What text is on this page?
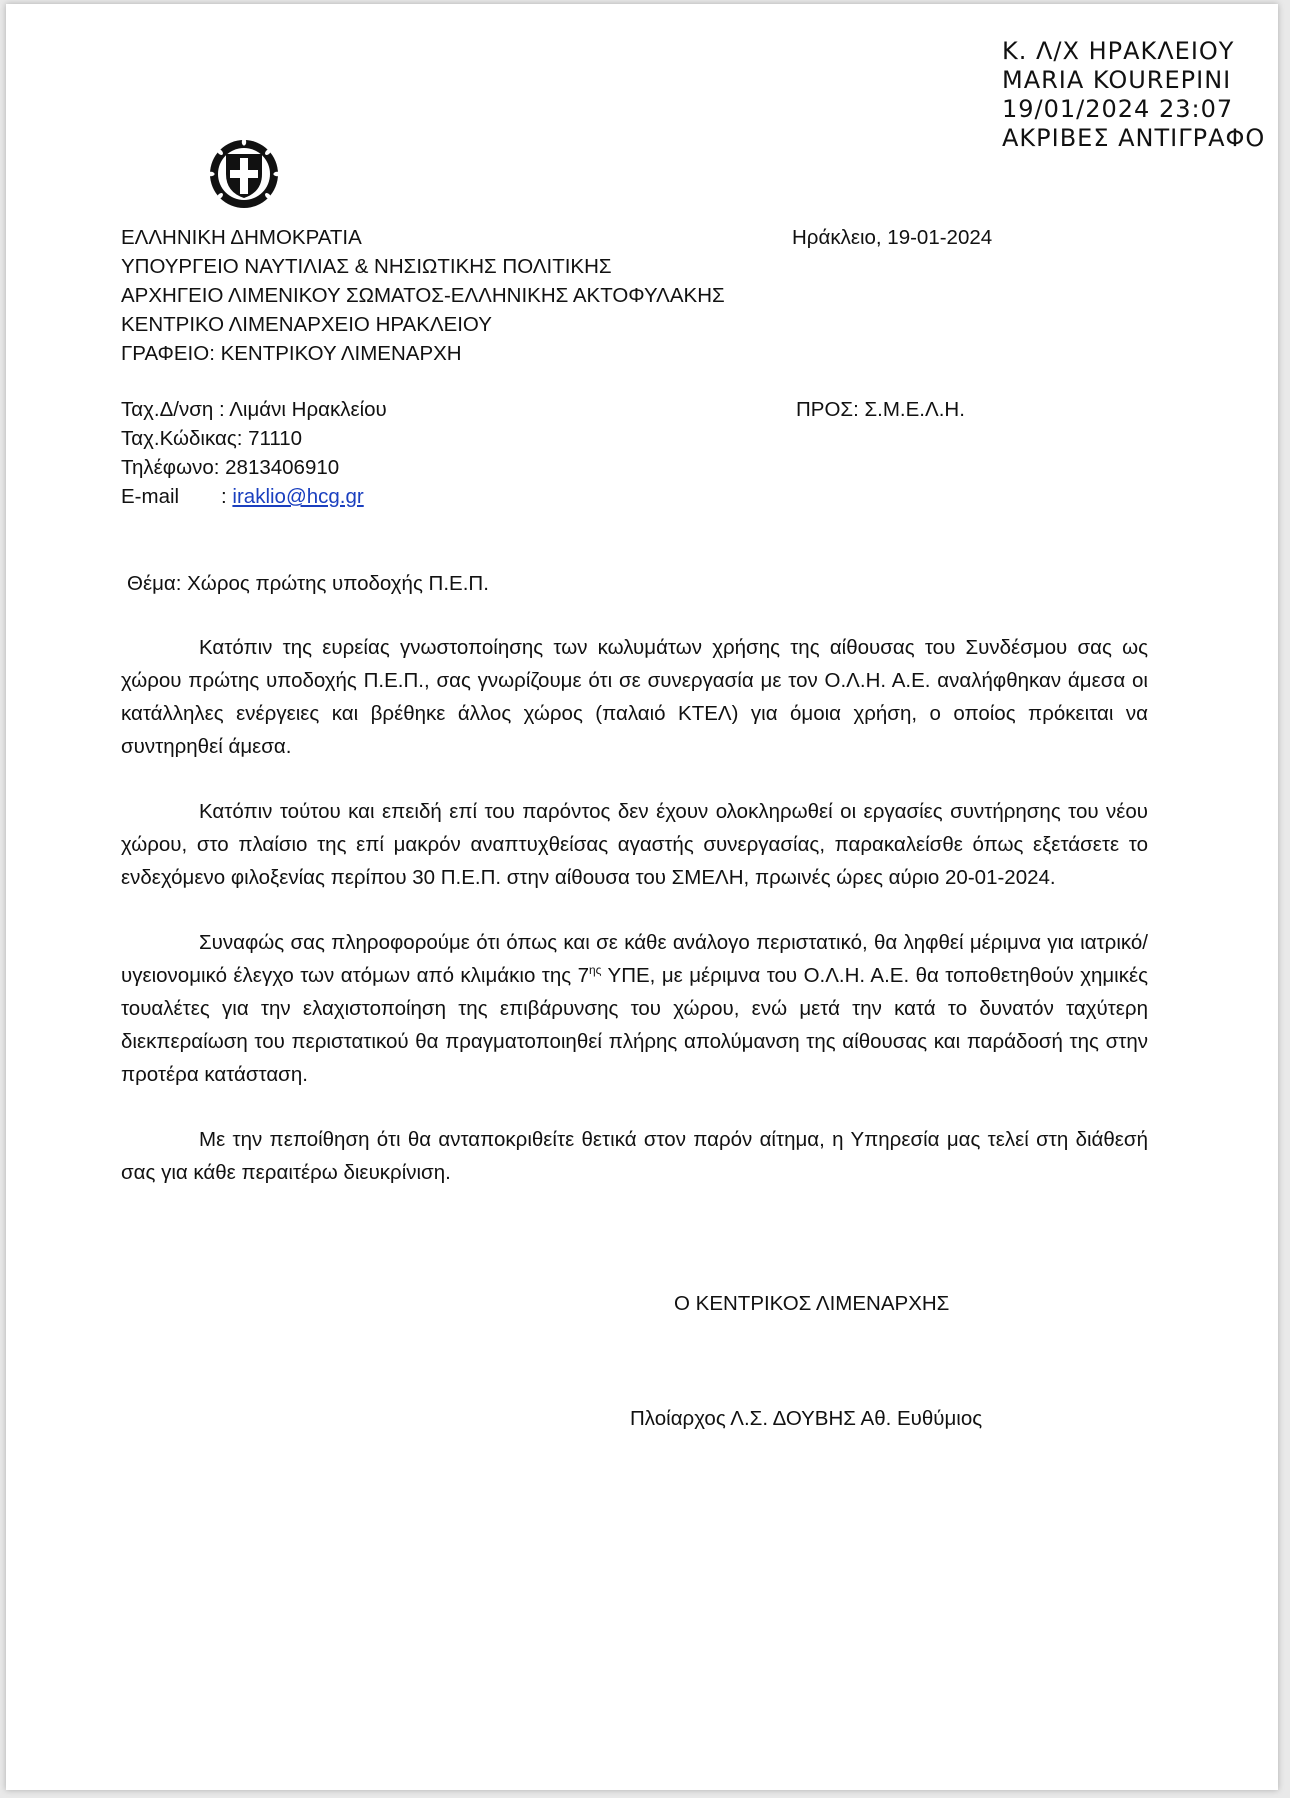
Κ. Λ/Χ ΗΡΑΚΛΕΙΟΥ
MARIA KOUREPINI
19/01/2024 23:07
ΑΚΡΙΒΕΣ ΑΝΤΙΓΡΑΦΟ
ΕΛΛΗΝΙΚΗ ΔΗΜΟΚΡΑΤΙΑ
ΥΠΟΥΡΓΕΙΟ ΝΑΥΤΙΛΙΑΣ & ΝΗΣΙΩΤΙΚΗΣ ΠΟΛΙΤΙΚΗΣ
ΑΡΧΗΓΕΙΟ ΛΙΜΕΝΙΚΟΥ ΣΩΜΑΤΟΣ-ΕΛΛΗΝΙΚΗΣ ΑΚΤΟΦΥΛΑΚΗΣ
ΚΕΝΤΡΙΚΟ ΛΙΜΕΝΑΡΧΕΙΟ ΗΡΑΚΛΕΙΟΥ
ΓΡΑΦΕΙΟ: ΚΕΝΤΡΙΚΟΥ ΛΙΜΕΝΑΡΧΗ
Ηράκλειο, 19-01-2024
Ταχ.Δ/νση : Λιμάνι Ηρακλείου
Ταχ.Κώδικας: 71110
Τηλέφωνο: 2813406910
E-mail	: iraklio@hcg.gr
ΠΡΟΣ: Σ.Μ.Ε.Λ.Η.
Θέμα: Χώρος πρώτης υποδοχής Π.Ε.Π.

Κατόπιν της ευρείας γνωστοποίησης των κωλυμάτων χρήσης της αίθουσας του Συνδέσμου σας ως χώρου πρώτης υποδοχής Π.Ε.Π., σας γνωρίζουμε ότι σε συνεργασία με τον Ο.Λ.Η. Α.Ε. αναλήφθηκαν άμεσα οι κατάλληλες ενέργειες και βρέθηκε άλλος χώρος (παλαιό ΚΤΕΛ) για όμοια χρήση, ο οποίος πρόκειται να συντηρηθεί άμεσα.

Κατόπιν τούτου και επειδή επί του παρόντος δεν έχουν ολοκληρωθεί οι εργασίες συντήρησης του νέου χώρου, στο πλαίσιο της επί μακρόν αναπτυχθείσας αγαστής συνεργασίας, παρακαλείσθε όπως εξετάσετε το ενδεχόμενο φιλοξενίας περίπου 30 Π.Ε.Π. στην αίθουσα του ΣΜΕΛΗ, πρωινές ώρες αύριο 20-01-2024.

Συναφώς σας πληροφορούμε ότι όπως και σε κάθε ανάλογο περιστατικό, θα ληφθεί μέριμνα για ιατρικό/υγειονομικό έλεγχο των ατόμων από κλιμάκιο της $7^{\eta\varsigma}$ ΥΠΕ, με μέριμνα του Ο.Λ.Η. Α.Ε. θα τοποθετηθούν χημικές τουαλέτες για την ελαχιστοποίηση της επιβάρυνσης του χώρου, ενώ μετά την κατά το δυνατόν ταχύτερη διεκπεραίωση του περιστατικού θα πραγματοποιηθεί πλήρης απολύμανση της αίθουσας και παράδοσή της στην προτέρα κατάσταση.

Με την πεποίθηση ότι θα ανταποκριθείτε θετικά στον παρόν αίτημα, η Υπηρεσία μας τελεί στη διάθεσή σας για κάθε περαιτέρω διευκρίνιση.

Ο ΚΕΝΤΡΙΚΟΣ ΛΙΜΕΝΑΡΧΗΣ
Πλοίαρχος Λ.Σ. ΔΟΥΒΗΣ Αθ. Ευθύμιος
